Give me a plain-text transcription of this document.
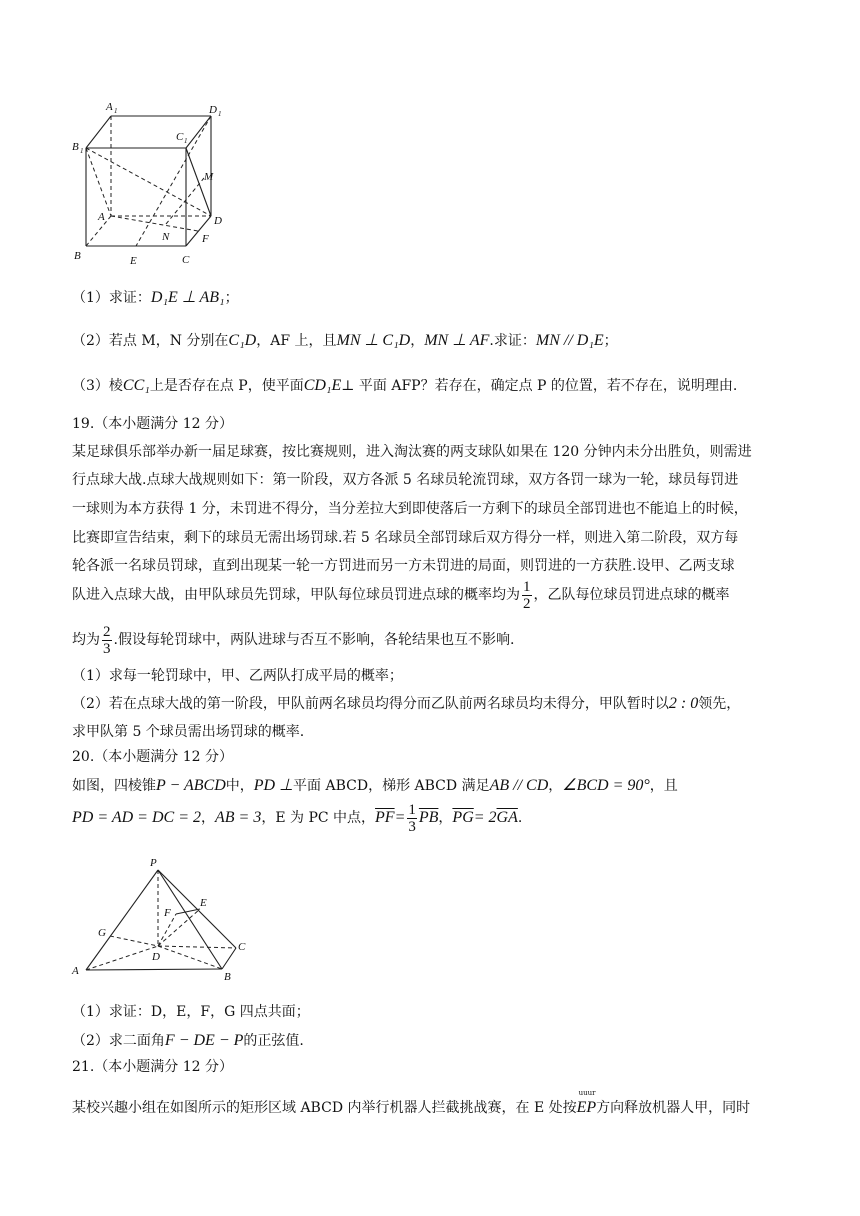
A 1	D 1
B 1
C 1
M
A	D
N	F
B	E	C
（1）求证：D₁E ⊥ AB₁；
（2）若点 M，N 分别在C₁D，AF 上，且MN ⊥ C₁D，MN ⊥ AF.求证：MN // D₁E；
（3）棱CC₁上是否存在点 P，使平面CD₁E⊥ 平面 AFP？若存在，确定点 P 的位置，若不存在，说明理由.
19.（本小题满分 12 分）
某足球俱乐部举办新一届足球赛，按比赛规则，进入淘汰赛的两支球队如果在 120 分钟内未分出胜负，则需进
行点球大战.点球大战规则如下：第一阶段，双方各派 5 名球员轮流罚球，双方各罚一球为一轮，球员每罚进
一球则为本方获得 1 分，未罚进不得分，当分差拉大到即使落后一方剩下的球员全部罚进也不能追上的时候，
比赛即宣告结束，剩下的球员无需出场罚球.若 5 名球员全部罚球后双方得分一样，则进入第二阶段，双方每
轮各派一名球员罚球，直到出现某一轮一方罚进而另一方未罚进的局面，则罚进的一方获胜.设甲、乙两支球
队进入点球大战，由甲队球员先罚球，甲队每位球员罚进点球的概率均为 $\frac{1}{2}$ ，乙队每位球员罚进点球的概率
均为 $\frac{2}{3}$ .假设每轮罚球中，两队进球与否互不影响，各轮结果也互不影响.
（1）求每一轮罚球中，甲、乙两队打成平局的概率；
（2）若在点球大战的第一阶段，甲队前两名球员均得分而乙队前两名球员均未得分，甲队暂时以2 : 0领先，
求甲队第 5 个球员需出场罚球的概率.
20.（本小题满分 12 分）
如图，四棱锥P − ABCD中，PD ⊥平面 ABCD，梯形 ABCD 满足AB // CD，∠BCD = 90°，且
PD = AD = DC = 2，AB = 3，E 为 PC 中点，$\overline{PF}= \frac{1}{3} \overline{PB}$，$\overline{PG}= 2\overline{GA}$.
P
E
F
G
D
C
A	B
（1）求证：D，E，F，G 四点共面；
（2）求二面角F − DE − P的正弦值.
21.（本小题满分 12 分）
某校兴趣小组在如图所示的矩形区域 ABCD 内举行机器人拦截挑战赛，在 E 处按
uuur
EP方向释放机器人甲，同时
